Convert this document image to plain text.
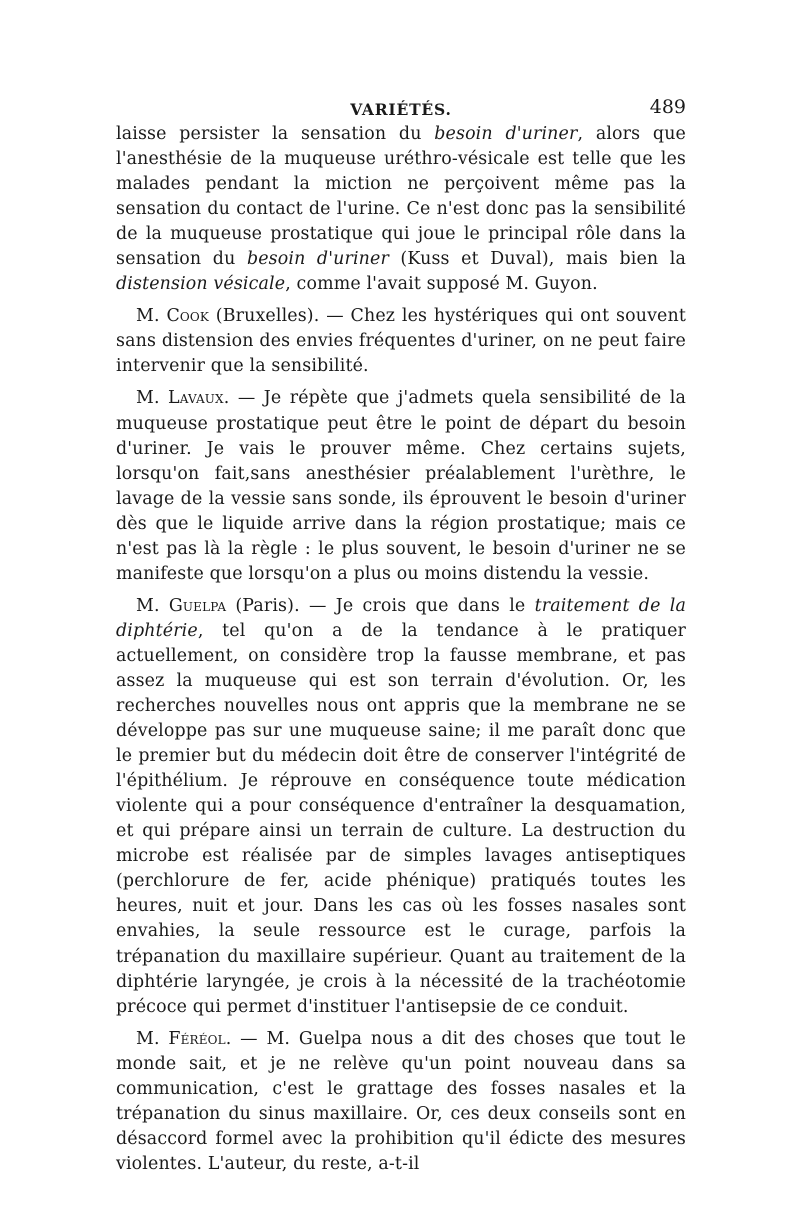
VARIÉTÉS.	489

laisse persister la sensation du besoin d'uriner, alors que l'anesthésie de la muqueuse uréthro-vésicale est telle que les malades pendant la miction ne perçoivent même pas la sensation du contact de l'urine. Ce n'est donc pas la sensibilité de la muqueuse prostatique qui joue le principal rôle dans la sensation du besoin d'uriner (Kuss et Duval), mais bien la distension vésicale, comme l'avait supposé M. Guyon.

M. Cook (Bruxelles). — Chez les hystériques qui ont souvent sans distension des envies fréquentes d'uriner, on ne peut faire intervenir que la sensibilité.

M. Lavaux. — Je répète que j'admets quela sensibilité de la muqueuse prostatique peut être le point de départ du besoin d'uriner. Je vais le prouver même. Chez certains sujets, lorsqu'on fait,sans anesthésier préalablement l'urèthre, le lavage de la vessie sans sonde, ils éprouvent le besoin d'uriner dès que le liquide arrive dans la région prostatique; mais ce n'est pas là la règle : le plus souvent, le besoin d'uriner ne se manifeste que lorsqu'on a plus ou moins distendu la vessie.

M. Guelpa (Paris). — Je crois que dans le traitement de la diphtérie, tel qu'on a de la tendance à le pratiquer actuellement, on considère trop la fausse membrane, et pas assez la muqueuse qui est son terrain d'évolution. Or, les recherches nouvelles nous ont appris que la membrane ne se développe pas sur une muqueuse saine; il me paraît donc que le premier but du médecin doit être de conserver l'intégrité de l'épithélium. Je réprouve en conséquence toute médication violente qui a pour conséquence d'entraîner la desquamation, et qui prépare ainsi un terrain de culture. La destruction du microbe est réalisée par de simples lavages antiseptiques (perchlorure de fer, acide phénique) pratiqués toutes les heures, nuit et jour. Dans les cas où les fosses nasales sont envahies, la seule ressource est le curage, parfois la trépanation du maxillaire supérieur. Quant au traitement de la diphtérie laryngée, je crois à la nécessité de la trachéotomie précoce qui permet d'instituer l'antisepsie de ce conduit.

M. Féréol. — M. Guelpa nous a dit des choses que tout le monde sait, et je ne relève qu'un point nouveau dans sa communication, c'est le grattage des fosses nasales et la trépanation du sinus maxillaire. Or, ces deux conseils sont en désaccord formel avec la prohibition qu'il édicte des mesures violentes. L'auteur, du reste, a-t-il
